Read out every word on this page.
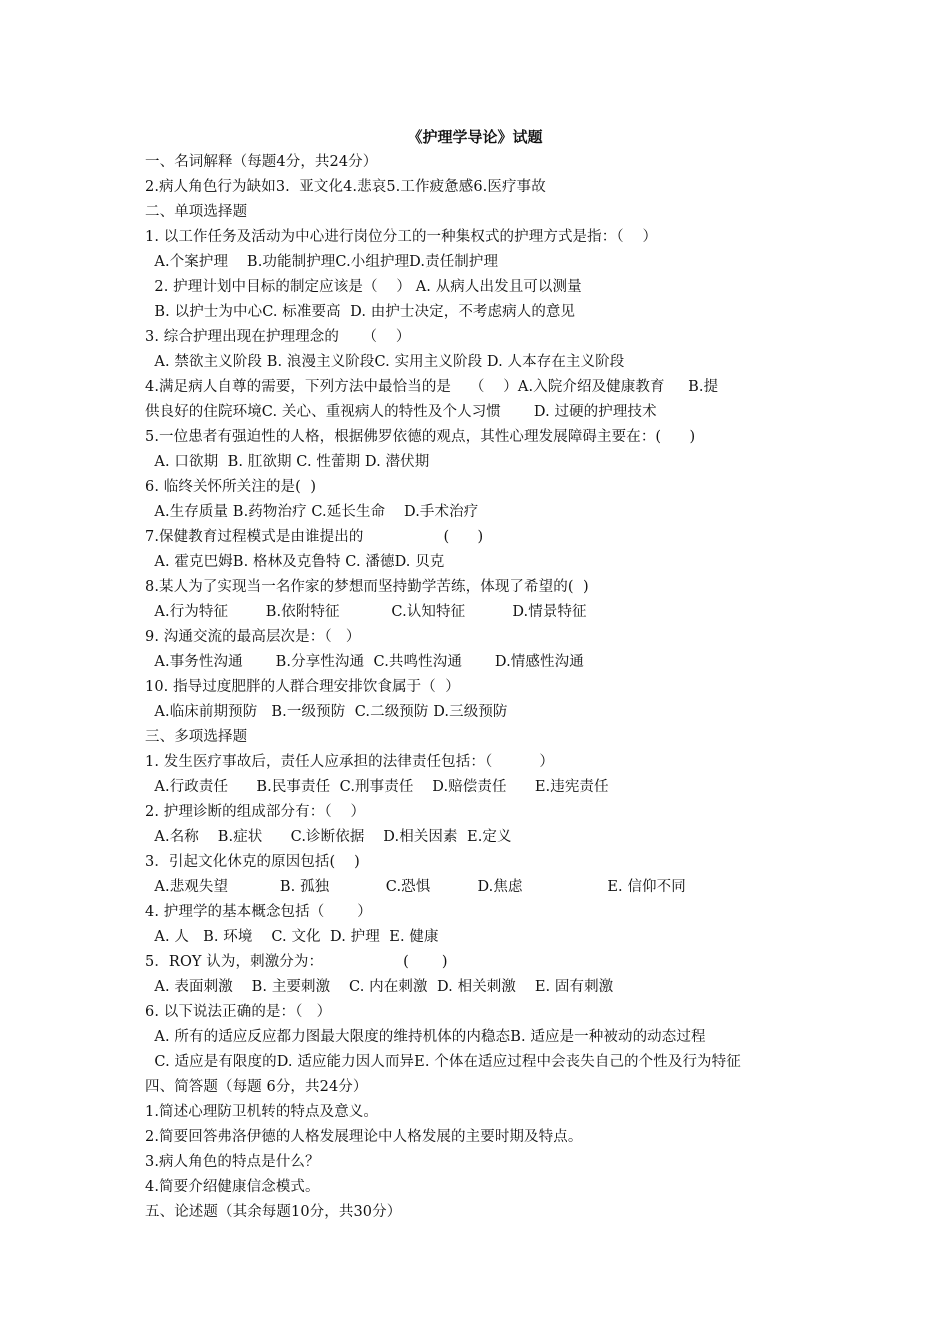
《护理学导论》试题
一、名词解释（每题4分，共24分）
2.病人角色行为缺如3.  亚文化4.悲哀5.工作疲惫感6.医疗事故
二、单项选择题
1. 以工作任务及活动为中心进行岗位分工的一种集权式的护理方式是指：（    ）
A.个案护理    B.功能制护理C.小组护理D.责任制护理
2. 护理计划中目标的制定应该是（    ） A. 从病人出发且可以测量
B. 以护士为中心C. 标准要高  D. 由护士决定，不考虑病人的意见
3. 综合护理出现在护理理念的     （    ）
A. 禁欲主义阶段 B. 浪漫主义阶段C. 实用主义阶段 D. 人本存在主义阶段
4.满足病人自尊的需要，下列方法中最恰当的是    （    ）A.入院介绍及健康教育     B.提
供良好的住院环境C. 关心、重视病人的特性及个人习惯       D. 过硬的护理技术
5.一位患者有强迫性的人格，根据佛罗依德的观点，其性心理发展障碍主要在：(      )
A. 口欲期  B. 肛欲期 C. 性蕾期 D. 潜伏期
6. 临终关怀所关注的是(  )
A.生存质量 B.药物治疗 C.延长生命    D.手术治疗
7.保健教育过程模式是由谁提出的                 (      )
A. 霍克巴姆B. 格林及克鲁特 C. 潘德D. 贝克
8.某人为了实现当一名作家的梦想而坚持勤学苦练，体现了希望的(  )
A.行为特征        B.依附特征           C.认知特征          D.情景特征
9. 沟通交流的最高层次是：（   ）
A.事务性沟通       B.分享性沟通  C.共鸣性沟通       D.情感性沟通
10. 指导过度肥胖的人群合理安排饮食属于（  ）
A.临床前期预防   B.一级预防  C.二级预防 D.三级预防
三、多项选择题
1. 发生医疗事故后，责任人应承担的法律责任包括：（          ）
A.行政责任      B.民事责任  C.刑事责任    D.赔偿责任      E.违宪责任
2. 护理诊断的组成部分有：（    ）
A.名称    B.症状      C.诊断依据    D.相关因素  E.定义
3．引起文化休克的原因包括(    )
A.悲观失望           B. 孤独            C.恐惧          D.焦虑                  E. 信仰不同
4. 护理学的基本概念包括（       ）
A. 人   B. 环境    C. 文化  D. 护理  E. 健康
5．ROY 认为，刺激分为：                 (       )
A. 表面刺激    B. 主要刺激    C. 内在刺激  D. 相关刺激    E. 固有刺激
6. 以下说法正确的是：（   ）
A. 所有的适应反应都力图最大限度的维持机体的内稳态B. 适应是一种被动的动态过程
C. 适应是有限度的D. 适应能力因人而异E. 个体在适应过程中会丧失自己的个性及行为特征
四、简答题（每题 6分，共24分）
1.简述心理防卫机转的特点及意义。
2.简要回答弗洛伊德的人格发展理论中人格发展的主要时期及特点。
3.病人角色的特点是什么？
4.简要介绍健康信念模式。
五、论述题（其余每题10分，共30分）
